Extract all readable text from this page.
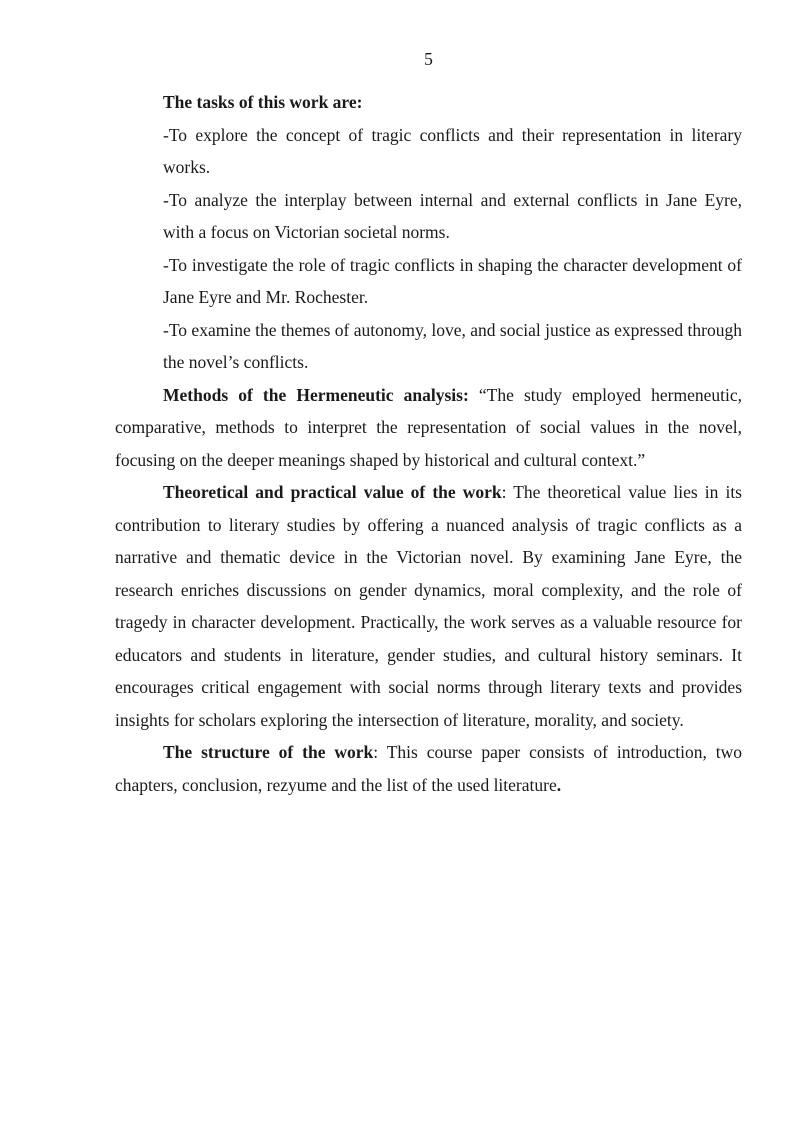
5

The tasks of this work are:

-To explore the concept of tragic conflicts and their representation in literary works.

-To analyze the interplay between internal and external conflicts in Jane Eyre, with a focus on Victorian societal norms.

-To investigate the role of tragic conflicts in shaping the character development of Jane Eyre and Mr. Rochester.

-To examine the themes of autonomy, love, and social justice as expressed through the novel’s conflicts.

Methods of the Hermeneutic analysis: “The study employed hermeneutic, comparative, methods to interpret the representation of social values in the novel, focusing on the deeper meanings shaped by historical and cultural context.”

Theoretical and practical value of the work: The theoretical value lies in its contribution to literary studies by offering a nuanced analysis of tragic conflicts as a narrative and thematic device in the Victorian novel. By examining Jane Eyre, the research enriches discussions on gender dynamics, moral complexity, and the role of tragedy in character development. Practically, the work serves as a valuable resource for educators and students in literature, gender studies, and cultural history seminars. It encourages critical engagement with social norms through literary texts and provides insights for scholars exploring the intersection of literature, morality, and society.

The structure of the work: This course paper consists of introduction, two chapters, conclusion, rezyume and the list of the used literature.
